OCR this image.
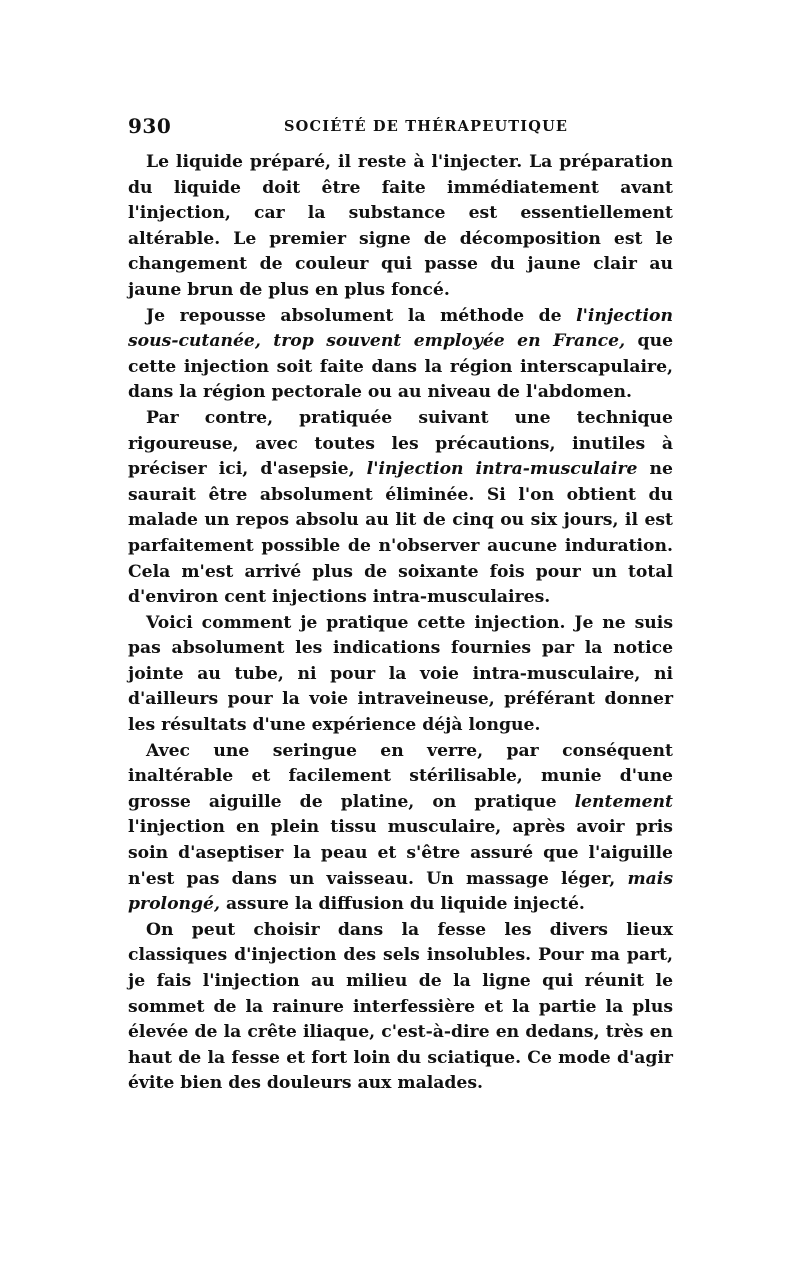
930	SOCIÉTÉ DE THÉRAPEUTIQUE

Le liquide préparé, il reste à l'injecter. La préparation du liquide doit être faite immédiatement avant l'injection, car la substance est essentiellement altérable. Le premier signe de décomposition est le changement de couleur qui passe du jaune clair au jaune brun de plus en plus foncé.

Je repousse absolument la méthode de l'injection sous-cutanée, trop souvent employée en France, que cette injection soit faite dans la région interscapulaire, dans la région pectorale ou au niveau de l'abdomen.

Par contre, pratiquée suivant une technique rigoureuse, avec toutes les précautions, inutiles à préciser ici, d'asepsie, l'injection intra-musculaire ne saurait être absolument éliminée. Si l'on obtient du malade un repos absolu au lit de cinq ou six jours, il est parfaitement possible de n'observer aucune induration. Cela m'est arrivé plus de soixante fois pour un total d'environ cent injections intra-musculaires.

Voici comment je pratique cette injection. Je ne suis pas absolument les indications fournies par la notice jointe au tube, ni pour la voie intra-musculaire, ni d'ailleurs pour la voie intraveineuse, préférant donner les résultats d'une expérience déjà longue.

Avec une seringue en verre, par conséquent inaltérable et facilement stérilisable, munie d'une grosse aiguille de platine, on pratique lentement l'injection en plein tissu musculaire, après avoir pris soin d'aseptiser la peau et s'être assuré que l'aiguille n'est pas dans un vaisseau. Un massage léger, mais prolongé, assure la diffusion du liquide injecté.

On peut choisir dans la fesse les divers lieux classiques d'injection des sels insolubles. Pour ma part, je fais l'injection au milieu de la ligne qui réunit le sommet de la rainure interfessière et la partie la plus élevée de la crête iliaque, c'est-à-dire en dedans, très en haut de la fesse et fort loin du sciatique. Ce mode d'agir évite bien des douleurs aux malades.
